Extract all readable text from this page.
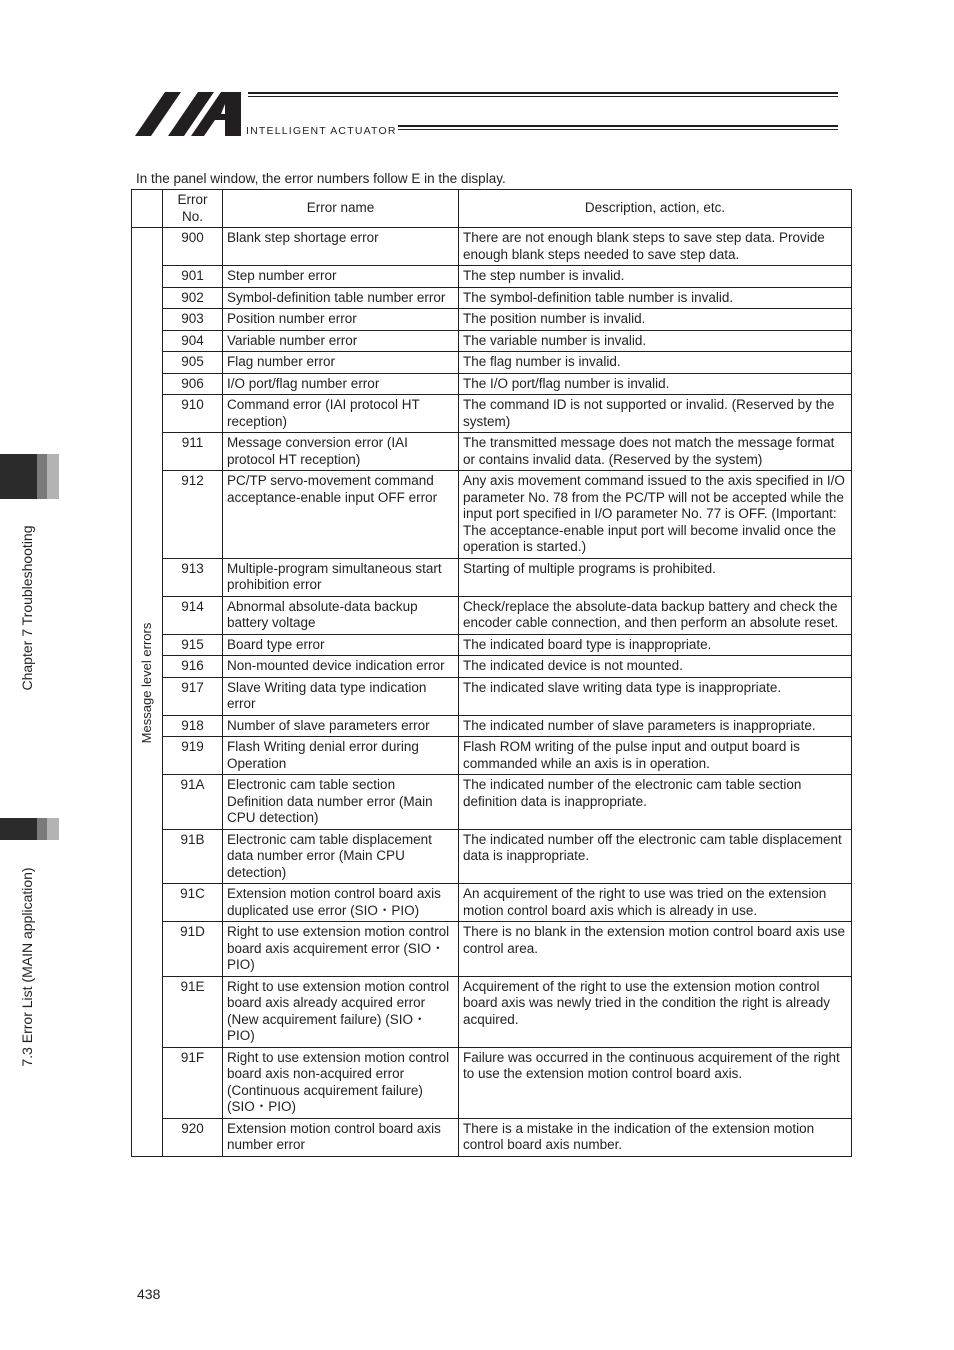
INTELLIGENT ACTUATOR
Chapter 7 Troubleshooting
7.3 Error List (MAIN application)
In the panel window, the error numbers follow E in the display.
	Error No.	Error name	Description, action, etc.

Message level errors	900	Blank step shortage error	There are not enough blank steps to save step data. Provide enough blank steps needed to save step data.
	901	Step number error	The step number is invalid.
	902	Symbol-definition table number error	The symbol-definition table number is invalid.
	903	Position number error	The position number is invalid.
	904	Variable number error	The variable number is invalid.
	905	Flag number error	The flag number is invalid.
	906	I/O port/flag number error	The I/O port/flag number is invalid.
	910	Command error (IAI protocol HT reception)	The command ID is not supported or invalid. (Reserved by the system)
	911	Message conversion error (IAI protocol HT reception)	The transmitted message does not match the message format or contains invalid data. (Reserved by the system)
	912	PC/TP servo-movement command acceptance-enable input OFF error	Any axis movement command issued to the axis specified in I/O parameter No. 78 from the PC/TP will not be accepted while the input port specified in I/O parameter No. 77 is OFF. (Important: The acceptance-enable input port will become invalid once the operation is started.)
	913	Multiple-program simultaneous start prohibition error	Starting of multiple programs is prohibited.
	914	Abnormal absolute-data backup battery voltage	Check/replace the absolute-data backup battery and check the encoder cable connection, and then perform an absolute reset.
	915	Board type error	The indicated board type is inappropriate.
	916	Non-mounted device indication error	The indicated device is not mounted.
	917	Slave Writing data type indication error	The indicated slave writing data type is inappropriate.
	918	Number of slave parameters error	The indicated number of slave parameters is inappropriate.
	919	Flash Writing denial error during Operation	Flash ROM writing of the pulse input and output board is commanded while an axis is in operation.
	91A	Electronic cam table section Definition data number error (Main CPU detection)	The indicated number of the electronic cam table section definition data is inappropriate.
	91B	Electronic cam table displacement data number error (Main CPU detection)	The indicated number off the electronic cam table displacement data is inappropriate.
	91C	Extension motion control board axis duplicated use error (SIO・PIO)	An acquirement of the right to use was tried on the extension motion control board axis which is already in use.
	91D	Right to use extension motion control board axis acquirement error (SIO・PIO)	There is no blank in the extension motion control board axis use control area.
	91E	Right to use extension motion control board axis already acquired error (New acquirement failure) (SIO・PIO)	Acquirement of the right to use the extension motion control board axis was newly tried in the condition the right is already acquired.
	91F	Right to use extension motion control board axis non-acquired error (Continuous acquirement failure) (SIO・PIO)	Failure was occurred in the continuous acquirement of the right to use the extension motion control board axis.
	920	Extension motion control board axis number error	There is a mistake in the indication of the extension motion control board axis number.
438
